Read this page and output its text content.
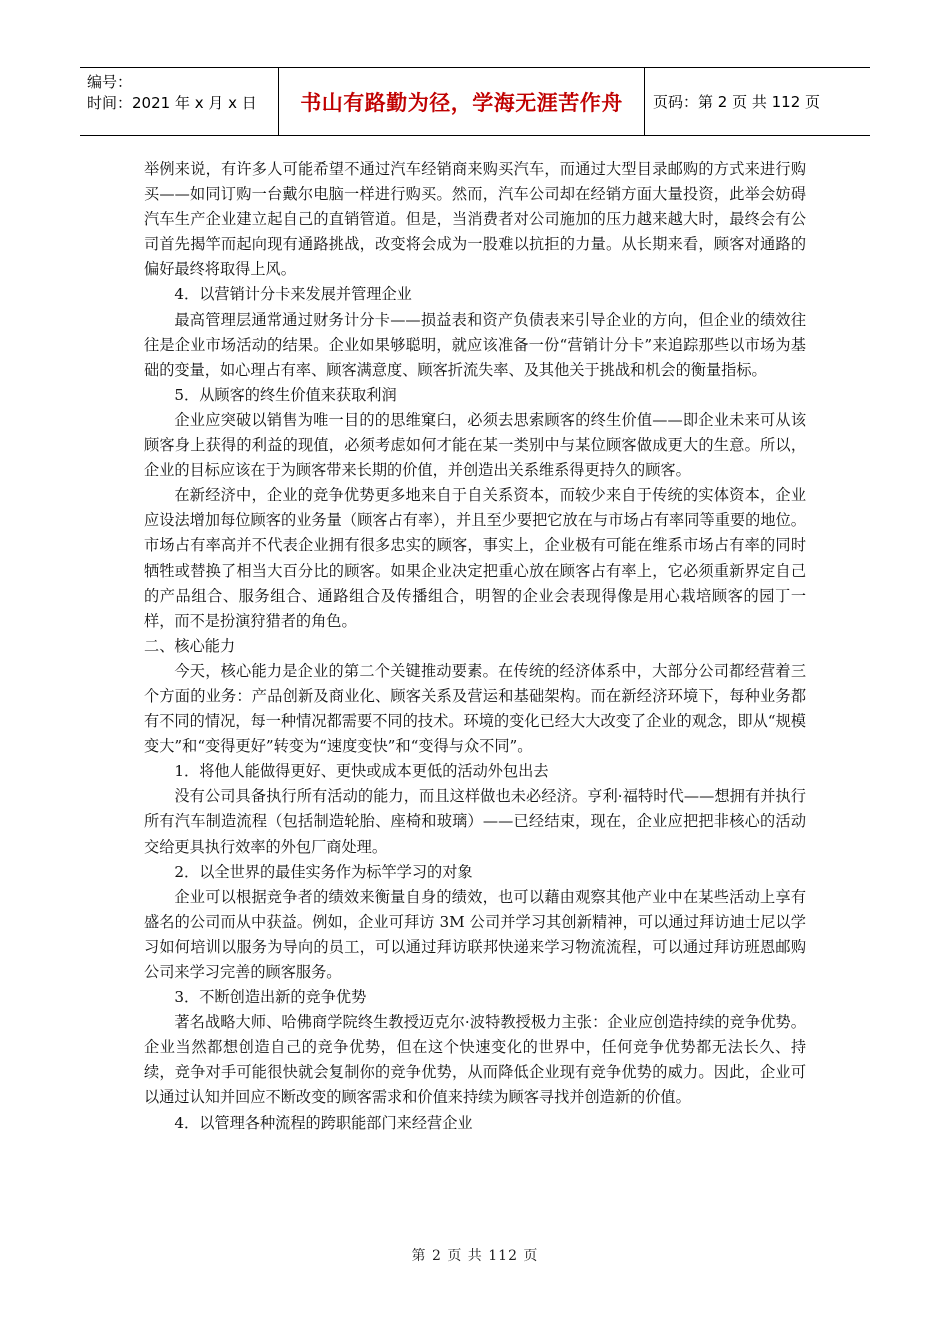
编号：
时间：2021 年 x 月 x 日	书山有路勤为径，学海无涯苦作舟	页码：第 2 页 共 112 页

举例来说，有许多人可能希望不通过汽车经销商来购买汽车，而通过大型目录邮购的方式来进行购买——如同订购一台戴尔电脑一样进行购买。然而，汽车公司却在经销方面大量投资，此举会妨碍汽车生产企业建立起自己的直销管道。但是，当消费者对公司施加的压力越来越大时，最终会有公司首先揭竿而起向现有通路挑战，改变将会成为一股难以抗拒的力量。从长期来看，顾客对通路的偏好最终将取得上风。

4．以营销计分卡来发展并管理企业

最高管理层通常通过财务计分卡——损益表和资产负债表来引导企业的方向，但企业的绩效往往是企业市场活动的结果。企业如果够聪明，就应该准备一份“营销计分卡”来追踪那些以市场为基础的变量，如心理占有率、顾客满意度、顾客折流失率、及其他关于挑战和机会的衡量指标。

5．从顾客的终生价值来获取利润

企业应突破以销售为唯一目的的思维窠臼，必须去思索顾客的终生价值——即企业未来可从该顾客身上获得的利益的现值，必须考虑如何才能在某一类别中与某位顾客做成更大的生意。所以，企业的目标应该在于为顾客带来长期的价值，并创造出关系维系得更持久的顾客。

在新经济中，企业的竞争优势更多地来自于自关系资本，而较少来自于传统的实体资本，企业应设法增加每位顾客的业务量（顾客占有率），并且至少要把它放在与市场占有率同等重要的地位。市场占有率高并不代表企业拥有很多忠实的顾客，事实上，企业极有可能在维系市场占有率的同时牺牲或替换了相当大百分比的顾客。如果企业决定把重心放在顾客占有率上，它必须重新界定自己的产品组合、服务组合、通路组合及传播组合，明智的企业会表现得像是用心栽培顾客的园丁一样，而不是扮演狩猎者的角色。

二、核心能力

今天，核心能力是企业的第二个关键推动要素。在传统的经济体系中，大部分公司都经营着三个方面的业务：产品创新及商业化、顾客关系及营运和基础架构。而在新经济环境下，每种业务都有不同的情况，每一种情况都需要不同的技术。环境的变化已经大大改变了企业的观念，即从“规模变大”和“变得更好”转变为“速度变快”和“变得与众不同”。

1．将他人能做得更好、更快或成本更低的活动外包出去

没有公司具备执行所有活动的能力，而且这样做也未必经济。亨利·福特时代——想拥有并执行所有汽车制造流程（包括制造轮胎、座椅和玻璃）——已经结束，现在，企业应把把非核心的活动交给更具执行效率的外包厂商处理。

2．以全世界的最佳实务作为标竿学习的对象

企业可以根据竞争者的绩效来衡量自身的绩效，也可以藉由观察其他产业中在某些活动上享有盛名的公司而从中获益。例如，企业可拜访 3M 公司并学习其创新精神，可以通过拜访迪士尼以学习如何培训以服务为导向的员工，可以通过拜访联邦快递来学习物流流程，可以通过拜访班恩邮购公司来学习完善的顾客服务。

3．不断创造出新的竞争优势

著名战略大师、哈佛商学院终生教授迈克尔·波特教授极力主张：企业应创造持续的竞争优势。企业当然都想创造自己的竞争优势，但在这个快速变化的世界中，任何竞争优势都无法长久、持续，竞争对手可能很快就会复制你的竞争优势，从而降低企业现有竞争优势的威力。因此，企业可以通过认知并回应不断改变的顾客需求和价值来持续为顾客寻找并创造新的价值。

4．以管理各种流程的跨职能部门来经营企业

第 2 页 共 112 页
